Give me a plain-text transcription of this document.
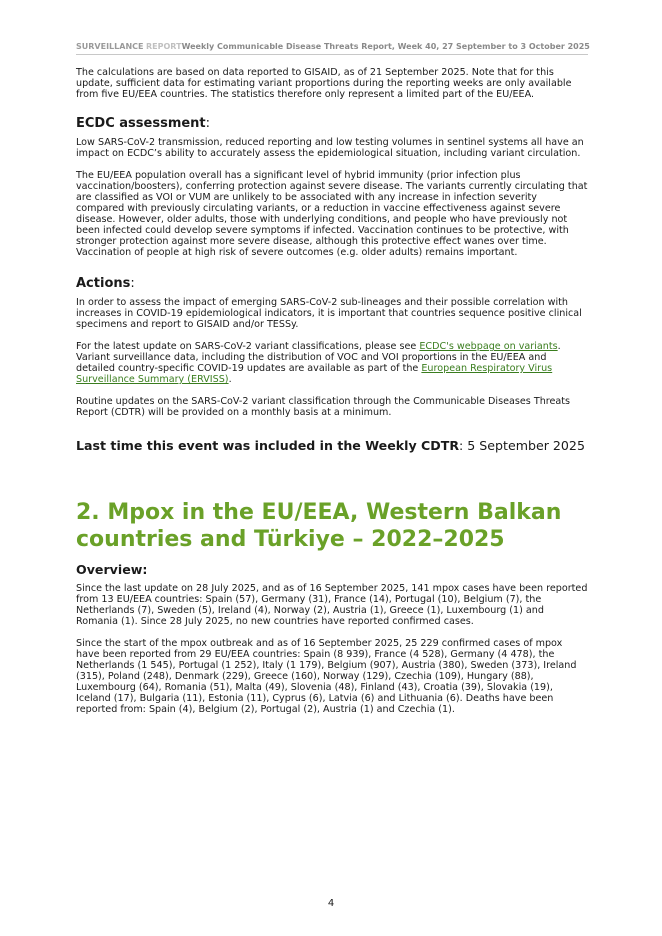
SURVEILLANCE REPORT Weekly Communicable Disease Threats Report, Week 40, 27 September to 3 October 2025

The calculations are based on data reported to GISAID, as of 21 September 2025. Note that for this update, sufficient data for estimating variant proportions during the reporting weeks are only available from five EU/EEA countries. The statistics therefore only represent a limited part of the EU/EEA.

ECDC assessment:

Low SARS-CoV-2 transmission, reduced reporting and low testing volumes in sentinel systems all have an impact on ECDC’s ability to accurately assess the epidemiological situation, including variant circulation.

The EU/EEA population overall has a significant level of hybrid immunity (prior infection plus vaccination/boosters), conferring protection against severe disease. The variants currently circulating that are classified as VOI or VUM are unlikely to be associated with any increase in infection severity compared with previously circulating variants, or a reduction in vaccine effectiveness against severe disease. However, older adults, those with underlying conditions, and people who have previously not been infected could develop severe symptoms if infected. Vaccination continues to be protective, with stronger protection against more severe disease, although this protective effect wanes over time. Vaccination of people at high risk of severe outcomes (e.g. older adults) remains important.

Actions:

In order to assess the impact of emerging SARS-CoV-2 sub-lineages and their possible correlation with increases in COVID-19 epidemiological indicators, it is important that countries sequence positive clinical specimens and report to GISAID and/or TESSy.

For the latest update on SARS-CoV-2 variant classifications, please see ECDC's webpage on variants. Variant surveillance data, including the distribution of VOC and VOI proportions in the EU/EEA and detailed country-specific COVID-19 updates are available as part of the European Respiratory Virus Surveillance Summary (ERVISS).

Routine updates on the SARS-CoV-2 variant classification through the Communicable Diseases Threats Report (CDTR) will be provided on a monthly basis at a minimum.

Last time this event was included in the Weekly CDTR: 5 September 2025
2. Mpox in the EU/EEA, Western Balkan countries and Türkiye – 2022–2025
Overview:

Since the last update on 28 July 2025, and as of 16 September 2025, 141 mpox cases have been reported from 13 EU/EEA countries: Spain (57), Germany (31), France (14), Portugal (10), Belgium (7), the Netherlands (7), Sweden (5), Ireland (4), Norway (2), Austria (1), Greece (1), Luxembourg (1) and Romania (1). Since 28 July 2025, no new countries have reported confirmed cases.

Since the start of the mpox outbreak and as of 16 September 2025, 25 229 confirmed cases of mpox have been reported from 29 EU/EEA countries: Spain (8 939), France (4 528), Germany (4 478), the Netherlands (1 545), Portugal (1 252), Italy (1 179), Belgium (907), Austria (380), Sweden (373), Ireland (315), Poland (248), Denmark (229), Greece (160), Norway (129), Czechia (109), Hungary (88), Luxembourg (64), Romania (51), Malta (49), Slovenia (48), Finland (43), Croatia (39), Slovakia (19), Iceland (17), Bulgaria (11), Estonia (11), Cyprus (6), Latvia (6) and Lithuania (6). Deaths have been reported from: Spain (4), Belgium (2), Portugal (2), Austria (1) and Czechia (1).

4
